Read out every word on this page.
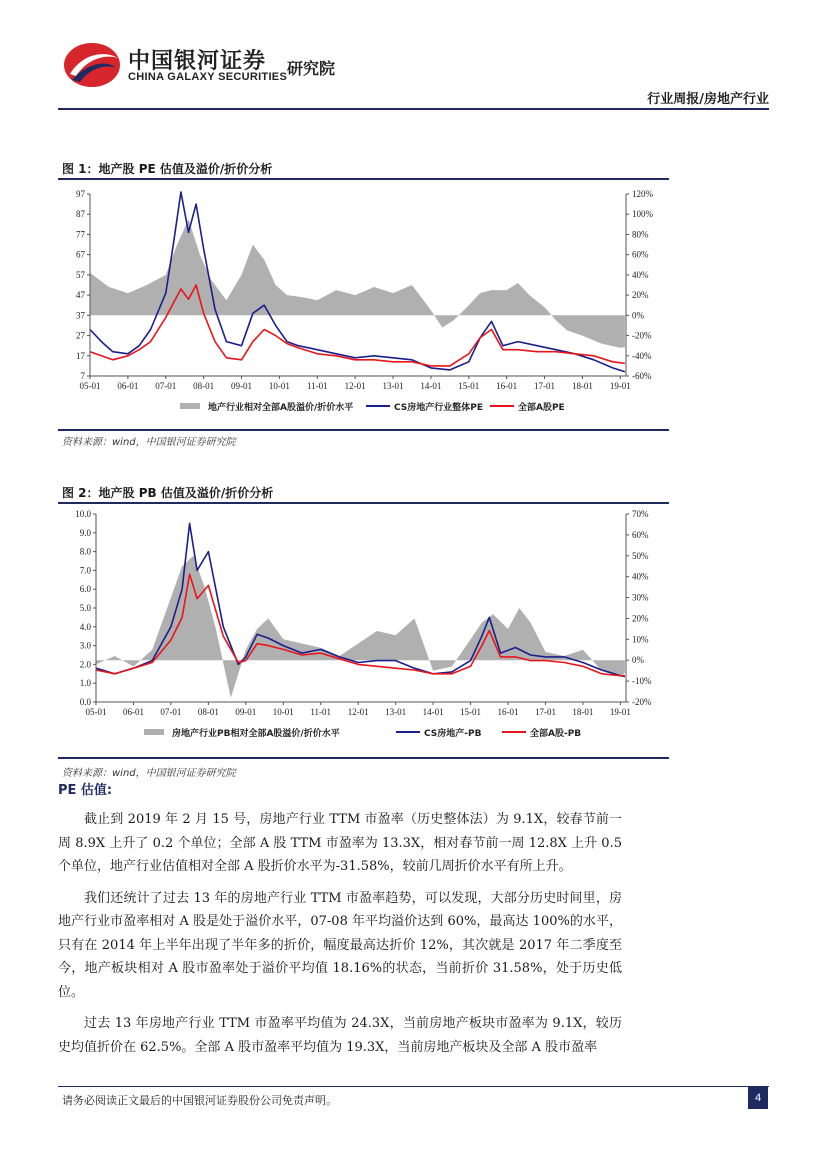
中国银河证券
CHINA GALAXY SECURITIES 研究院
行业周报/房地产行业
图 1：地产股 PE 估值及溢价/折价分析
7
17
27
37
47
57
67
77
87
97
-60%
-40%
-20%
0%
20%
40%
60%
80%
100%
120%
05-01 06-01 07-01 08-01 09-01 10-01 11-01 12-01 13-01 14-01 15-01 16-01 17-01 18-01 19-01
地产行业相对全部A股溢价/折价水平	CS房地产行业整体PE	全部A股PE
资料来源：wind，中国银河证券研究院
图 2：地产股 PB 估值及溢价/折价分析
0.0
1.0
2.0
3.0
4.0
5.0
6.0
7.0
8.0
9.0
10.0
-20%
-10%
0%
10%
20%
30%
40%
50%
60%
70%
05-01 06-01 07-01 08-01 09-01 10-01 11-01 12-01 13-01 14-01 15-01 16-01 17-01 18-01 19-01
房地产行业PB相对全部A股溢价/折价水平	CS房地产-PB	全部A股-PB
资料来源：wind，中国银河证券研究院
PE 估值:

截止到 2019 年 2 月 15 号，房地产行业 TTM 市盈率（历史整体法）为 9.1X，较春节前一周 8.9X 上升了 0.2 个单位；全部 A 股 TTM 市盈率为 13.3X，相对春节前一周 12.8X 上升 0.5 个单位，地产行业估值相对全部 A 股折价水平为-31.58%，较前几周折价水平有所上升。

我们还统计了过去 13 年的房地产行业 TTM 市盈率趋势，可以发现，大部分历史时间里，房地产行业市盈率相对 A 股是处于溢价水平，07-08 年平均溢价达到 60%，最高达 100%的水平，只有在 2014 年上半年出现了半年多的折价，幅度最高达折价 12%，其次就是 2017 年二季度至今，地产板块相对 A 股市盈率处于溢价平均值 18.16%的状态，当前折价 31.58%，处于历史低位。

过去 13 年房地产行业 TTM 市盈率平均值为 24.3X，当前房地产板块市盈率为 9.1X，较历史均值折价在 62.5%。全部 A 股市盈率平均值为 19.3X，当前房地产板块及全部 A 股市盈率

请务必阅读正文最后的中国银河证券股份公司免责声明。	4
